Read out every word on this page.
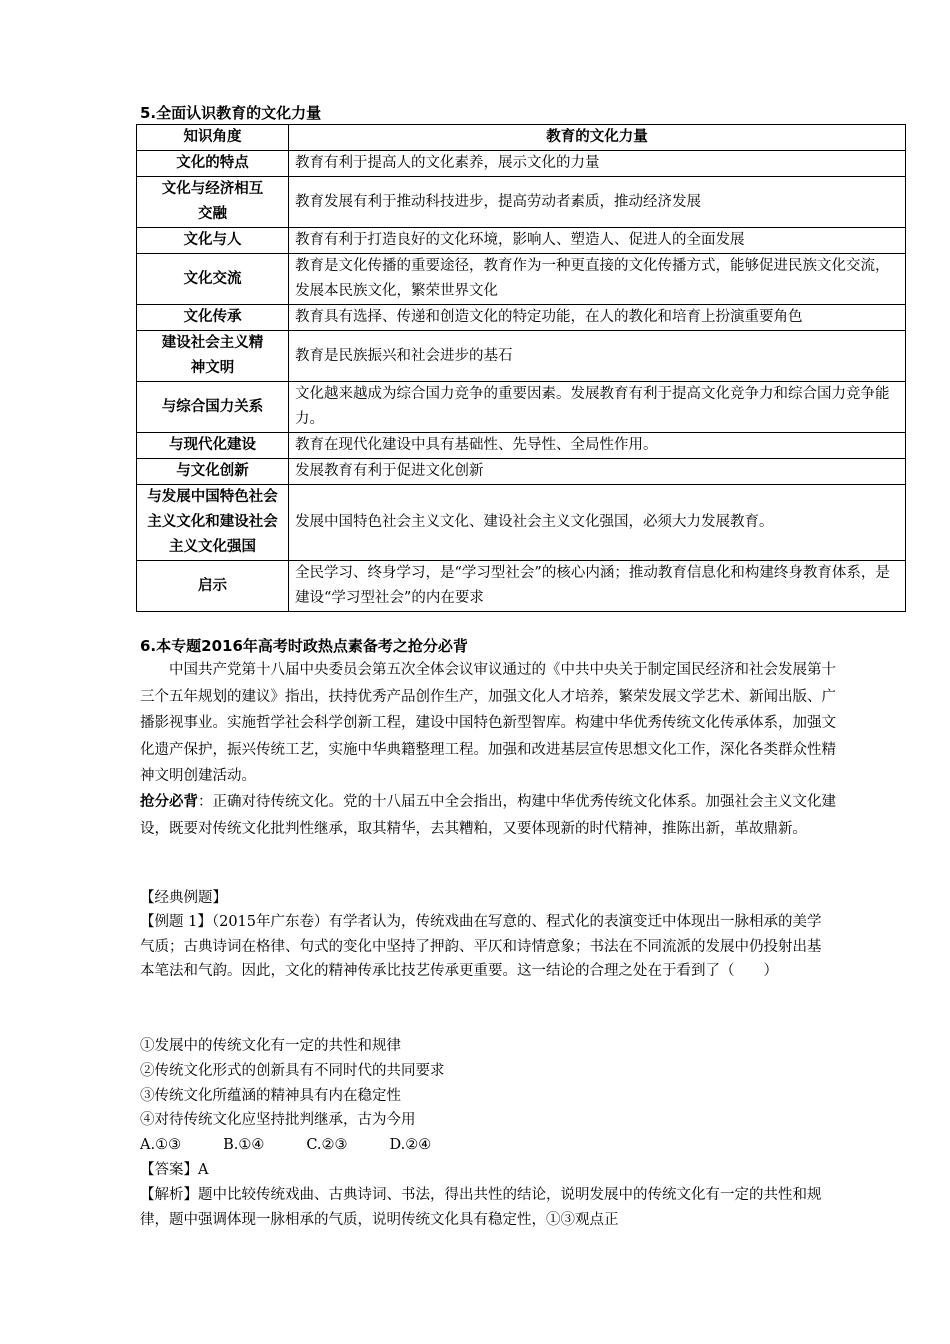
5.全面认识教育的文化力量
知识角度	教育的文化力量
文化的特点	教育有利于提高人的文化素养，展示文化的力量
文化与经济相互交融	教育发展有利于推动科技进步，提高劳动者素质，推动经济发展
文化与人	教育有利于打造良好的文化环境，影响人、塑造人、促进人的全面发展
文化交流	教育是文化传播的重要途径，教育作为一种更直接的文化传播方式，能够促进民族文化交流，发展本民族文化，繁荣世界文化
文化传承	教育具有选择、传递和创造文化的特定功能，在人的教化和培育上扮演重要角色
建设社会主义精神文明	教育是民族振兴和社会进步的基石
与综合国力关系	文化越来越成为综合国力竞争的重要因素。发展教育有利于提高文化竞争力和综合国力竞争能力。
与现代化建设	教育在现代化建设中具有基础性、先导性、全局性作用。
与文化创新	发展教育有利于促进文化创新
与发展中国特色社会主义文化和建设社会主义文化强国	发展中国特色社会主义文化、建设社会主义文化强国，必须大力发展教育。
启示	全民学习、终身学习，是“学习型社会”的核心内涵；推动教育信息化和构建终身教育体系，是建设“学习型社会”的内在要求
6.本专题2016年高考时政热点素备考之抢分必背
中国共产党第十八届中央委员会第五次全体会议审议通过的《中共中央关于制定国民经济和社会发展第十三个五年规划的建议》指出，扶持优秀产品创作生产，加强文化人才培养，繁荣发展文学艺术、新闻出版、广播影视事业。实施哲学社会科学创新工程，建设中国特色新型智库。构建中华优秀传统文化传承体系，加强文化遗产保护，振兴传统工艺，实施中华典籍整理工程。加强和改进基层宣传思想文化工作，深化各类群众性精神文明创建活动。
抢分必背：正确对待传统文化。党的十八届五中全会指出，构建中华优秀传统文化体系。加强社会主义文化建设，既要对传统文化批判性继承，取其精华，去其糟粕，又要体现新的时代精神，推陈出新，革故鼎新。
【经典例题】
【例题 1】（2015年广东卷）有学者认为，传统戏曲在写意的、程式化的表演变迁中体现出一脉相承的美学气质；古典诗词在格律、句式的变化中坚持了押韵、平仄和诗情意象；书法在不同流派的发展中仍投射出基本笔法和气韵。因此，文化的精神传承比技艺传承更重要。这一结论的合理之处在于看到了（　　）
①发展中的传统文化有一定的共性和规律
②传统文化形式的创新具有不同时代的共同要求
③传统文化所蕴涵的精神具有内在稳定性
④对待传统文化应坚持批判继承，古为今用
A.①③	B.①④	C.②③	D.②④
【答案】A
【解析】题中比较传统戏曲、古典诗词、书法，得出共性的结论，说明发展中的传统文化有一定的共性和规律，题中强调体现一脉相承的气质，说明传统文化具有稳定性，①③观点正
